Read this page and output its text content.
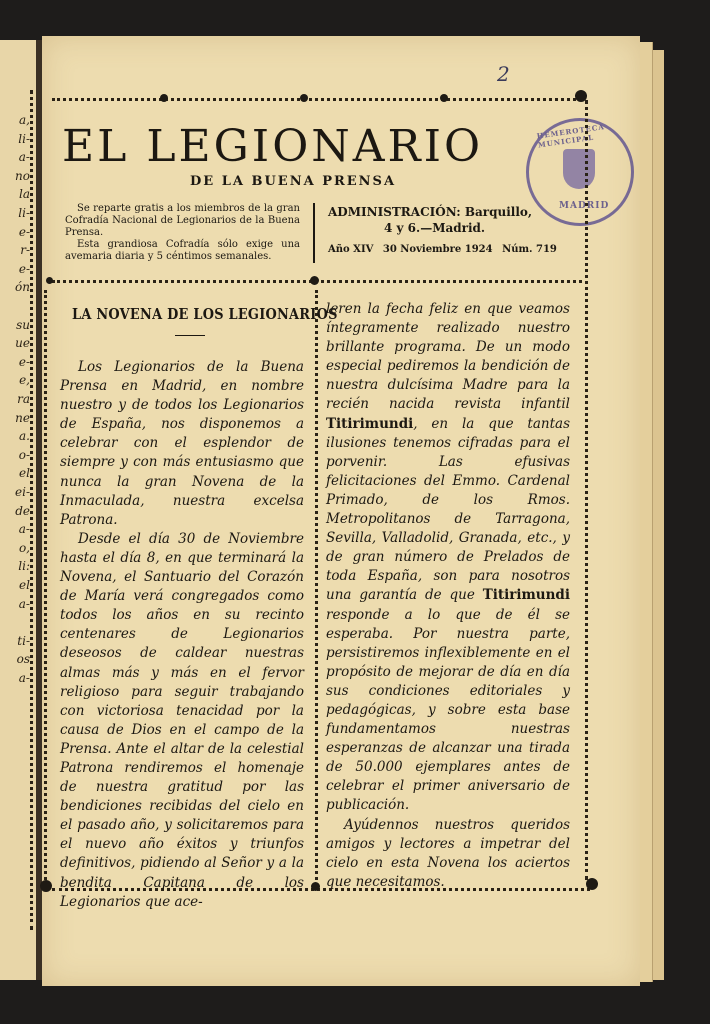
a,
li-
a-
no
la
li-
e-
r-
e-
ón
su
ue
e-
e,
ra
ne
a.
o-
el
ei-
de
a-
o,
li:
el
a-
ti-
os
a-
2
EL LEGIONARIO
DE LA BUENA PRENSA
HEMEROTECA MUNICIPAL
MADRID

Se reparte gratis a los miembros de la gran Cofradía Nacional de Legionarios de la Buena Prensa.

Esta grandiosa Cofradía sólo exige una avemaria diaria y 5 céntimos semanales.

ADMINISTRACIÓN: Barquillo,
4 y 6.—Madrid.
Año XIV 30 Noviembre 1924 Núm. 719
LA NOVENA DE LOS LEGIONARIOS

Los Legionarios de la Buena Prensa en Madrid, en nombre nuestro y de todos los Legionarios de España, nos disponemos a celebrar con el esplendor de siempre y con más entusiasmo que nunca la gran Novena de la Inmaculada, nuestra excelsa Patrona.

Desde el día 30 de Noviembre hasta el día 8, en que terminará la Novena, el Santuario del Corazón de María verá congregados como todos los años en su recinto centenares de Legionarios deseosos de caldear nuestras almas más y más en el fervor religioso para seguir trabajando con victoriosa tenacidad por la causa de Dios en el campo de la Prensa. Ante el altar de la celestial Patrona rendiremos el homenaje de nuestra gratitud por las bendiciones recibidas del cielo en el pasado año, y solicitaremos para el nuevo año éxitos y triunfos definitivos, pidiendo al Señor y a la bendita Capitana de los Legionarios que ace-

leren la fecha feliz en que veamos íntegramente realizado nuestro brillante programa. De un modo especial pediremos la bendición de nuestra dulcísima Madre para la recién nacida revista infantil Titirimundi, en la que tantas ilusiones tenemos cifradas para el porvenir. Las efusivas felicitaciones del Emmo. Cardenal Primado, de los Rmos. Metropolitanos de Tarragona, Sevilla, Valladolid, Granada, etc., y de gran número de Prelados de toda España, son para nosotros una garantía de que Titirimundi responde a lo que de él se esperaba. Por nuestra parte, persistiremos inflexiblemente en el propósito de mejorar de día en día sus condiciones editoriales y pedagógicas, y sobre esta base fundamentamos nuestras esperanzas de alcanzar una tirada de 50.000 ejemplares antes de celebrar el primer aniversario de publicación.

Ayúdennos nuestros queridos amigos y lectores a impetrar del cielo en esta Novena los aciertos que necesitamos.
